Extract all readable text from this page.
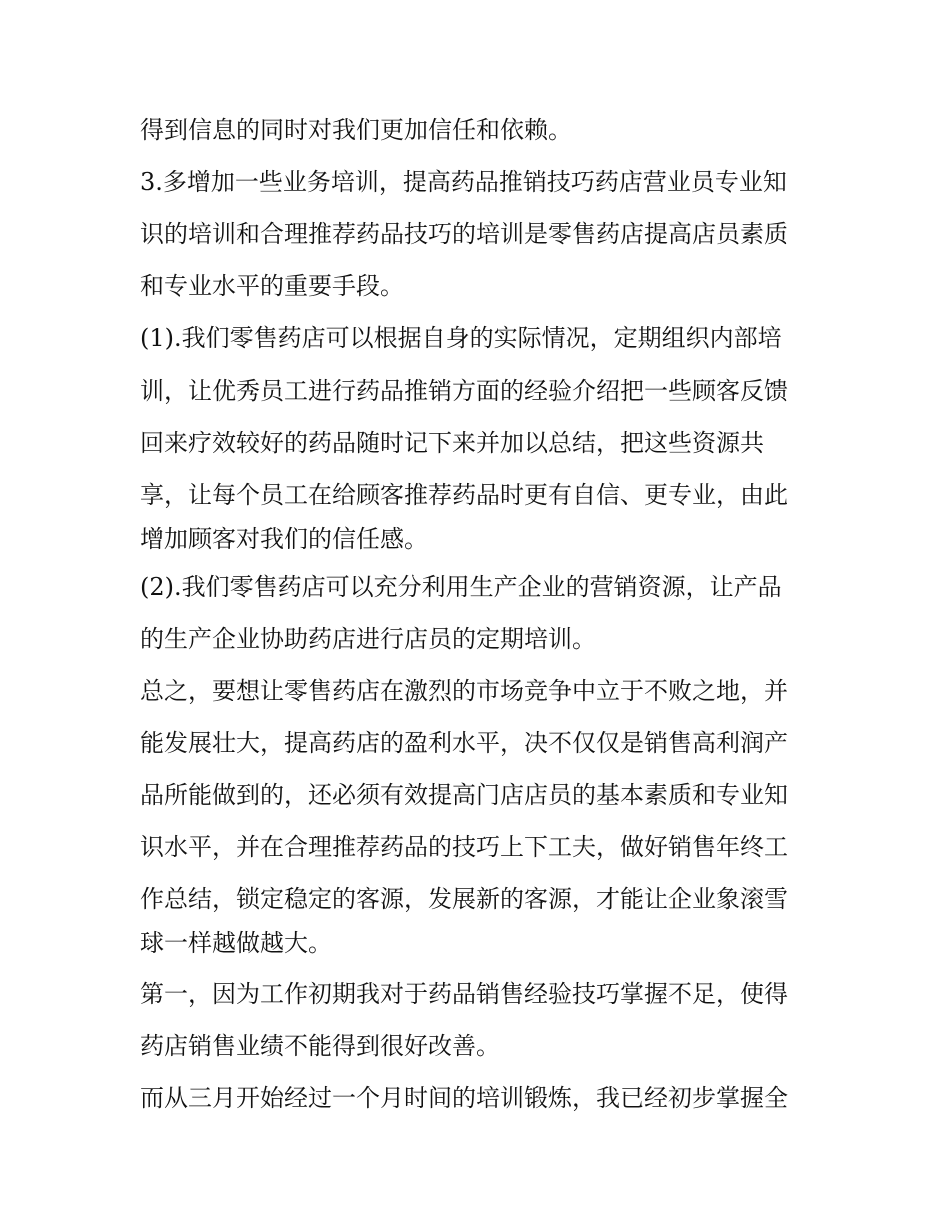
得到信息的同时对我们更加信任和依赖。
3.多增加一些业务培训，提高药品推销技巧药店营业员专业知
识的培训和合理推荐药品技巧的培训是零售药店提高店员素质
和专业水平的重要手段。
(1).我们零售药店可以根据自身的实际情况，定期组织内部培
训，让优秀员工进行药品推销方面的经验介绍把一些顾客反馈
回来疗效较好的药品随时记下来并加以总结，把这些资源共
享，让每个员工在给顾客推荐药品时更有自信、更专业，由此
增加顾客对我们的信任感。
(2).我们零售药店可以充分利用生产企业的营销资源，让产品
的生产企业协助药店进行店员的定期培训。
总之，要想让零售药店在激烈的市场竞争中立于不败之地，并
能发展壮大，提高药店的盈利水平，决不仅仅是销售高利润产
品所能做到的，还必须有效提高门店店员的基本素质和专业知
识水平，并在合理推荐药品的技巧上下工夫，做好销售年终工
作总结，锁定稳定的客源，发展新的客源，才能让企业象滚雪
球一样越做越大。
第一，因为工作初期我对于药品销售经验技巧掌握不足，使得
药店销售业绩不能得到很好改善。
而从三月开始经过一个月时间的培训锻炼，我已经初步掌握全
